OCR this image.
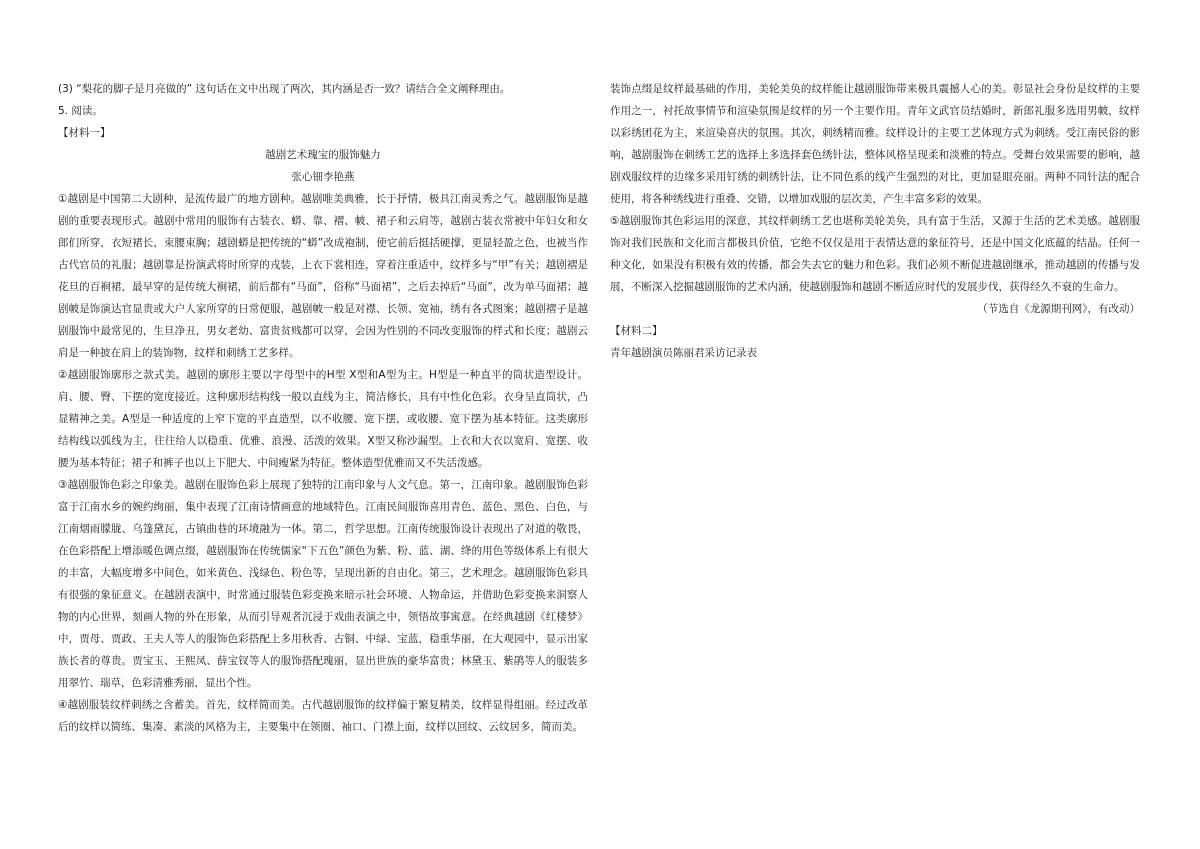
(3) “梨花的脚子是月亮做的” 这句话在文中出现了两次，其内涵是否一致？请结合全文阐释理由。

5. 阅读。

【材料一】

越剧艺术瑰宝的服饰魅力

张心钿李艳燕

①越剧是中国第二大剧种，是流传最广的地方剧种。越剧唯美典雅，长于抒情，极具江南灵秀之气。越剧服饰是越剧的重要表现形式。越剧中常用的服饰有古装衣、蟒、靠、褶、帔、裙子和云肩等，越剧古装衣常被中年妇女和女郎们所穿，衣短裙长，束腰束胸；越剧蟒是把传统的“蟒”改成袍制，使它前后挺括硬撑，更显轻盈之色，也被当作古代官员的礼服；越剧靠是扮演武将时所穿的戎装，上衣下裳相连，穿着注重适中，纹样多与“甲”有关；越剧褶是花旦的百裥裙，最早穿的是传统大裥裙，前后都有“马面”，俗称“马面裙”，之后去掉后“马面”，改为单马面裙；越剧帔是饰演达官显贵或大户人家所穿的日常便服，越剧帔一般是对襟、长领、宽袖，绣有各式图案；越剧褶子是越剧服饰中最常见的，生旦净丑，男女老幼、富贵贫贱都可以穿，会因为性别的不同改变服饰的样式和长度；越剧云肩是一种披在肩上的装饰物，纹样和刺绣工艺多样。

②越剧服饰廓形之款式美。越剧的廓形主要以字母型中的H型 X型和A型为主。H型是一种直平的筒状造型设计。肩、腰、臀、下摆的宽度接近。这种廓形结构线一般以直线为主，简洁修长，具有中性化色彩。衣身呈直筒状，凸显精神之美。A型是一种适度的上窄下宽的平直造型，以不收腰、宽下摆，或收腰、宽下摆为基本特征。这类廓形结构线以弧线为主，往往给人以稳重、优雅、浪漫、活泼的效果。X型又称沙漏型。上衣和大衣以宽肩、宽摆、收腰为基本特征；裙子和裤子也以上下肥大、中间瘦紧为特征。整体造型优雅而又不失活泼感。

③越剧服饰色彩之印象美。越剧在服饰色彩上展现了独特的江南印象与人文气息。第一，江南印象。越剧服饰色彩富于江南水乡的婉约绚丽，集中表现了江南诗情画意的地域特色。江南民间服饰喜用青色、蓝色、黑色、白色，与江南烟雨朦胧、乌篷黛瓦，古镇曲巷的环境融为一体。第二，哲学思想。江南传统服饰设计表现出了对道的敬畏，在色彩搭配上增添暖色调点缀，越剧服饰在传统儒家“下五色”颜色为紫、粉、蓝、湖、绛的用色等级体系上有很大的丰富，大幅度增多中间色，如米黄色、浅绿色、粉色等，呈现出新的自由化。第三，艺术理念。越剧服饰色彩具有很强的象征意义。在越剧表演中，时常通过服装色彩变换来暗示社会环境、人物命运，并借助色彩变换来洞察人物的内心世界，刻画人物的外在形象，从而引导观者沉浸于戏曲表演之中，领悟故事寓意。在经典越剧《红楼梦》中，贾母、贾政、王夫人等人的服饰色彩搭配上多用秋香、古铜、中绿、宝蓝，稳重华丽，在大观园中，显示出家族长者的尊贵。贾宝玉、王熙凤、薛宝钗等人的服饰搭配瑰丽，显出世族的豪华富贵；林黛玉、紫鹃等人的服装多用翠竹、瑞草，色彩清雅秀丽，显出个性。

④越剧服装纹样刺绣之含蓄美。首先，纹样简而美。古代越剧服饰的纹样偏于繁复精美，纹样显得组丽。经过改革后的纹样以简练、集凑、素淡的风格为主，主要集中在领圈、袖口、门襟上面，纹样以回纹、云纹居多，简而美。

装饰点缀是纹样最基础的作用，美轮美奂的纹样能让越剧服饰带来极具震撼人心的美。彰显社会身份是纹样的主要作用之一，衬托故事情节和渲染氛围是纹样的另一个主要作用。青年文武官员结婚时，新郎礼服多选用男帔，纹样以彩绣团花为主，来渲染喜庆的氛围。其次，刺绣精而雅。纹样设计的主要工艺体现方式为刺绣。受江南民俗的影响，越剧服饰在刺绣工艺的选择上多选择套色绣针法，整体风格呈现柔和淡雅的特点。受舞台效果需要的影响，越剧戏服纹样的边缘多采用钉绣的刺绣针法，让不同色系的线产生强烈的对比，更加显眼亮丽。两种不同针法的配合使用，将各种绣线进行重叠、交错，以增加戏服的层次美，产生丰富多彩的效果。

⑤越剧服饰其色彩运用的深意，其纹样刺绣工艺也堪称美轮美奂，具有富于生活，又源于生活的艺术美感。越剧服饰对我们民族和文化而言都极具价值，它绝不仅仅是用于表情达意的象征符号，还是中国文化底蕴的结晶。任何一种文化，如果没有积极有效的传播，都会失去它的魅力和色彩。我们必须不断促进越剧继承，推动越剧的传播与发展，不断深入挖掘越剧服饰的艺术内涵，使越剧服饰和越剧不断适应时代的发展步伐，获得经久不衰的生命力。

（节选自《龙源期刊网》，有改动）

【材料二】

青年越剧演员陈丽君采访记录表
